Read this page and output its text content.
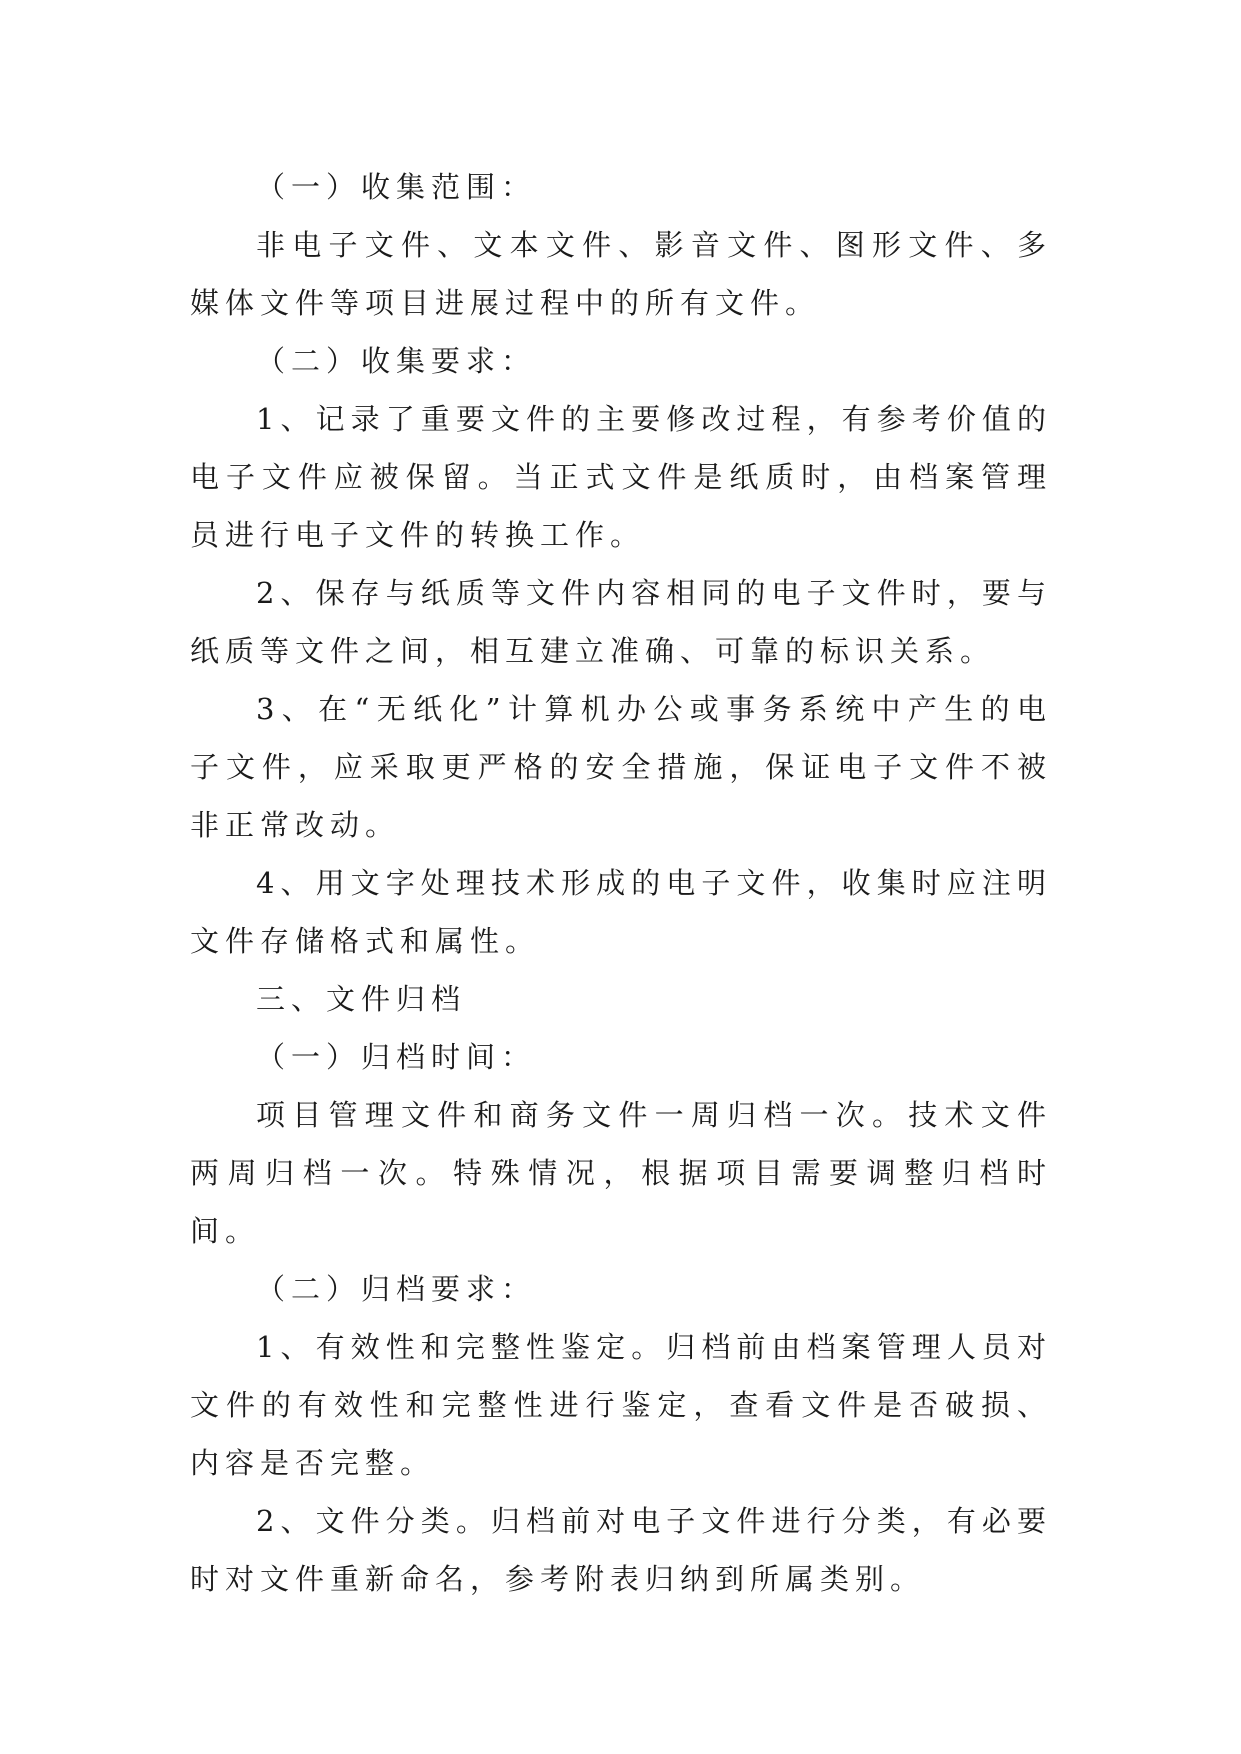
（一）收集范围：

非电子文件、文本文件、影音文件、图形文件、多媒体文件等项目进展过程中的所有文件。

（二）收集要求：

1、记录了重要文件的主要修改过程，有参考价值的电子文件应被保留。当正式文件是纸质时，由档案管理员进行电子文件的转换工作。

2、保存与纸质等文件内容相同的电子文件时，要与纸质等文件之间，相互建立准确、可靠的标识关系。

3、在“无纸化”计算机办公或事务系统中产生的电子文件，应采取更严格的安全措施，保证电子文件不被非正常改动。

4、用文字处理技术形成的电子文件，收集时应注明文件存储格式和属性。

三、文件归档

（一）归档时间：

项目管理文件和商务文件一周归档一次。技术文件两周归档一次。特殊情况，根据项目需要调整归档时间。

（二）归档要求：

1、有效性和完整性鉴定。归档前由档案管理人员对文件的有效性和完整性进行鉴定，查看文件是否破损、内容是否完整。

2、文件分类。归档前对电子文件进行分类，有必要时对文件重新命名，参考附表归纳到所属类别。
